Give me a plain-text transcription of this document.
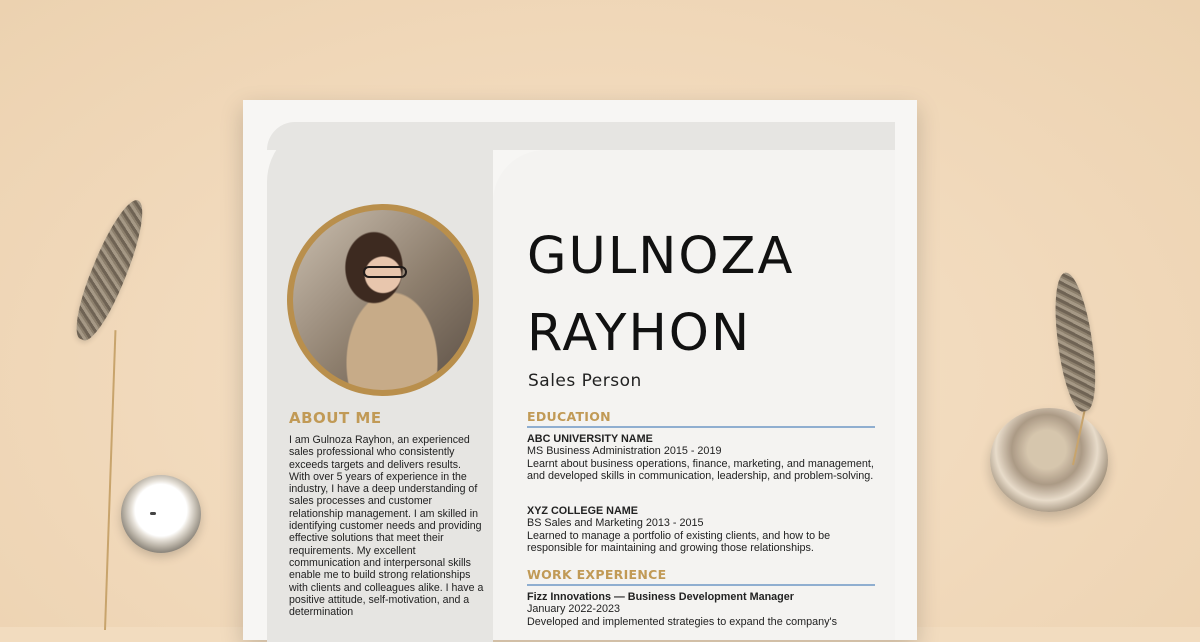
ABOUT ME

I am Gulnoza Rayhon, an experienced sales professional who consistently exceeds targets and delivers results. With over 5 years of experience in the industry, I have a deep understanding of sales processes and customer relationship management. I am skilled in identifying customer needs and providing effective solutions that meet their requirements. My excellent communication and interpersonal skills enable me to build strong relationships with clients and colleagues alike. I have a positive attitude, self-motivation, and a determination

GULNOZA
RAYHON

Sales Person

EDUCATION
ABC UNIVERSITY NAME
MS Business Administration 2015 - 2019
Learnt about business operations, finance, marketing, and management, and developed skills in communication, leadership, and problem-solving.
XYZ COLLEGE NAME
BS Sales and Marketing 2013 - 2015
Learned to manage a portfolio of existing clients, and how to be responsible for maintaining and growing those relationships.
WORK EXPERIENCE
Fizz Innovations — Business Development Manager
January 2022-2023
Developed and implemented strategies to expand the company's
